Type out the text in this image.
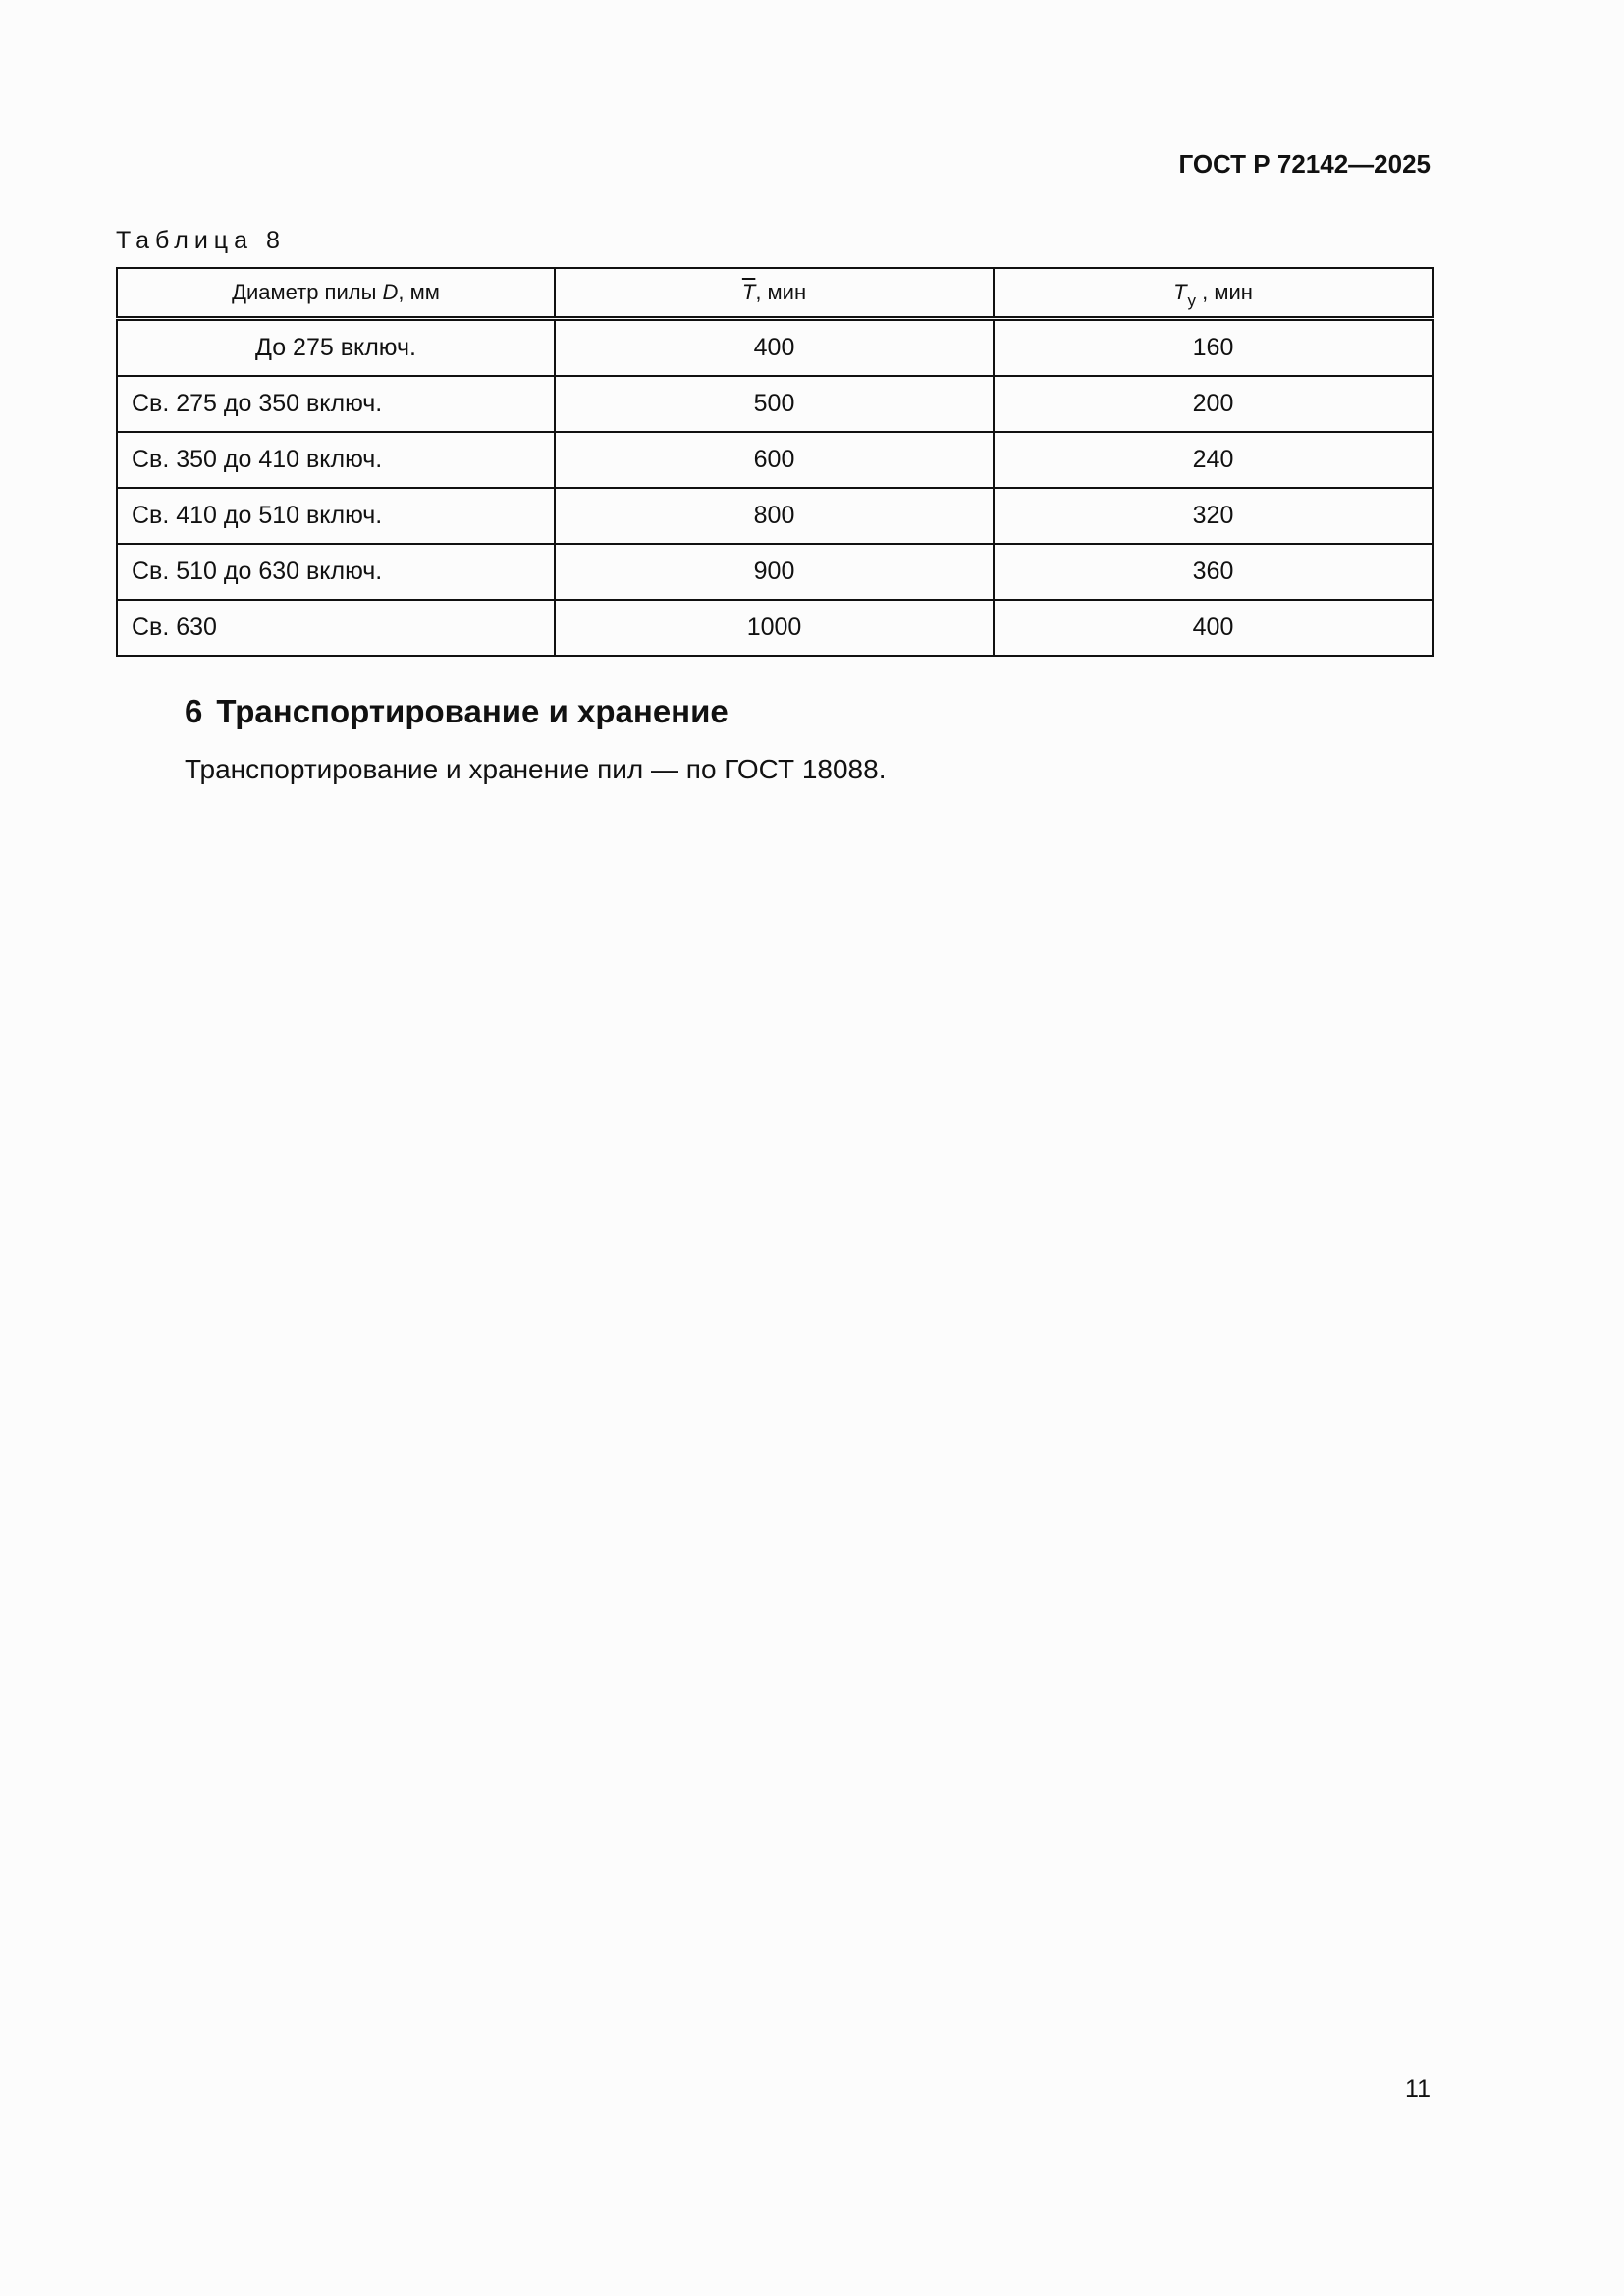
ГОСТ Р 72142—2025
Таблица 8
Диаметр пилы D, мм	$\overline{T}$, мин	$T_у$ , мин
До 275 включ.	400	160
Св. 275 до 350 включ.	500	200
Св. 350 до 410 включ.	600	240
Св. 410 до 510 включ.	800	320
Св. 510 до 630 включ.	900	360
Св. 630	1000	400
6 Транспортирование и хранение
Транспортирование и хранение пил — по ГОСТ 18088.
11
